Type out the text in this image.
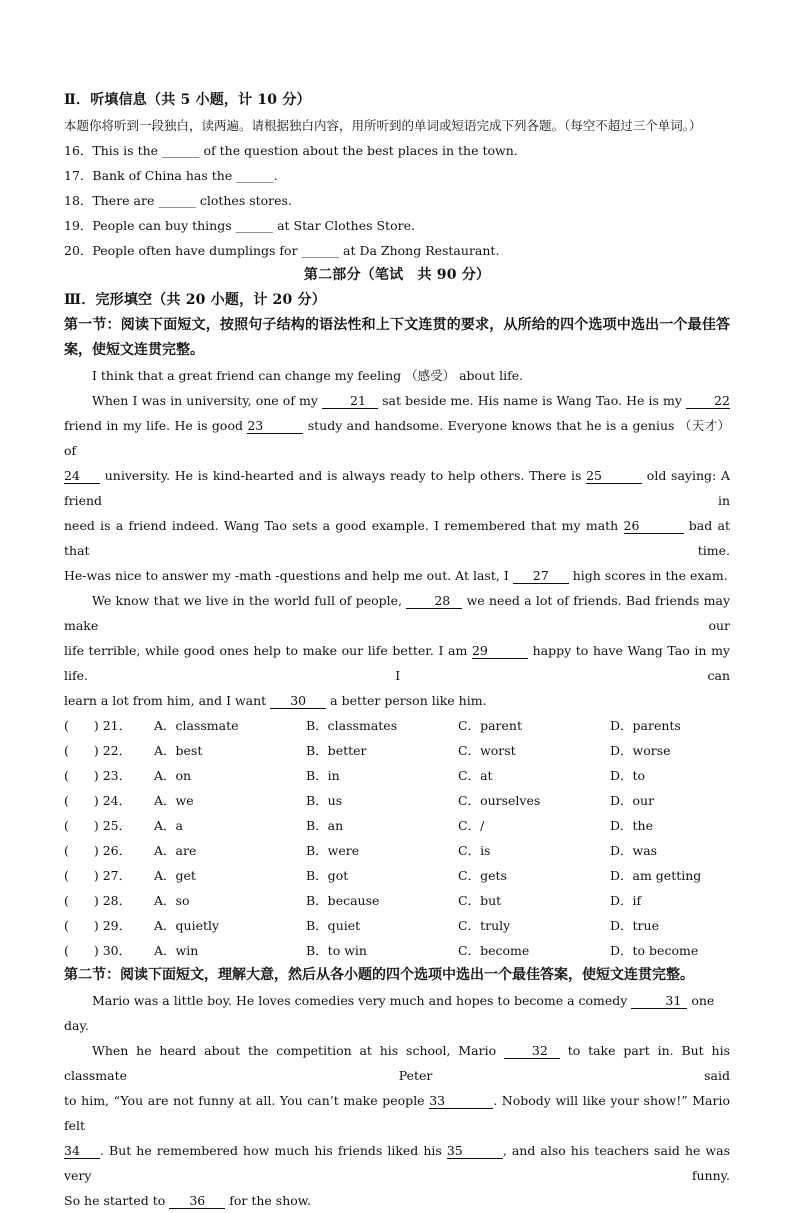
Ⅱ．听填信息（共 5 小题，计 10 分）
本题你将听到一段独白，读两遍。请根据独白内容，用所听到的单词或短语完成下列各题。（每空不超过三个单词。）
16．This is the ______ of the question about the best places in the town.
17．Bank of China has the ______.
18．There are ______ clothes stores.
19．People can buy things ______ at Star Clothes Store.
20．People often have dumplings for ______ at Da Zhong Restaurant.
第二部分（笔试　共 90 分）
Ⅲ．完形填空（共 20 小题，计 20 分）
第一节：阅读下面短文，按照句子结构的语法性和上下文连贯的要求，从所给的四个选项中选出一个最佳答案，使短文连贯完整。
I think that a great friend can change my feeling （感受） about life.
When I was in university, one of my 21 sat beside me. His name is Wang Tao. He is my 22
friend in my life. He is good 23	study and handsome. Everyone knows that he is a genius （天才） of
24 university. He is kind-hearted and is always ready to help others. There is 25	old saying: A friend in
need is a friend indeed. Wang Tao sets a good example. I remembered that my math 26	bad at that time.
He-was nice to answer my -math -questions and help me out. At last, I 27 high scores in the exam.
We know that we live in the world full of people, 28 we need a lot of friends. Bad friends may make our
life terrible, while good ones help to make our life better. I am 29	happy to have Wang Tao in my life. I can
learn a lot from him, and I want 30 a better person like him.
(　　) 21．	A．classmate	B．classmates	C．parent	D．parents
(　　) 22．	A．best	B．better	C．worst	D．worse
(　　) 23．	A．on	B．in	C．at	D．to
(　　) 24．	A．we	B．us	C．ourselves	D．our
(　　) 25．	A．a	B．an	C．/	D．the
(　　) 26．	A．are	B．were	C．is	D．was
(　　) 27．	A．get	B．got	C．gets	D．am getting
(　　) 28．	A．so	B．because	C．but	D．if
(　　) 29．	A．quietly	B．quiet	C．truly	D．true
(　　) 30．	A．win	B．to win	C．become	D．to become
第二节：阅读下面短文，理解大意，然后从各小题的四个选项中选出一个最佳答案，使短文连贯完整。
Mario was a little boy. He loves comedies very much and hopes to become a comedy	31 one day.
When he heard about the competition at his school, Mario 32 to take part in. But his classmate Peter said
to him, “You are not funny at all. You can’t make people 33	. Nobody will like your show!” Mario felt
34 . But he remembered how much his friends liked his 35	, and also his teachers said he was very funny.
So he started to 36 for the show.
